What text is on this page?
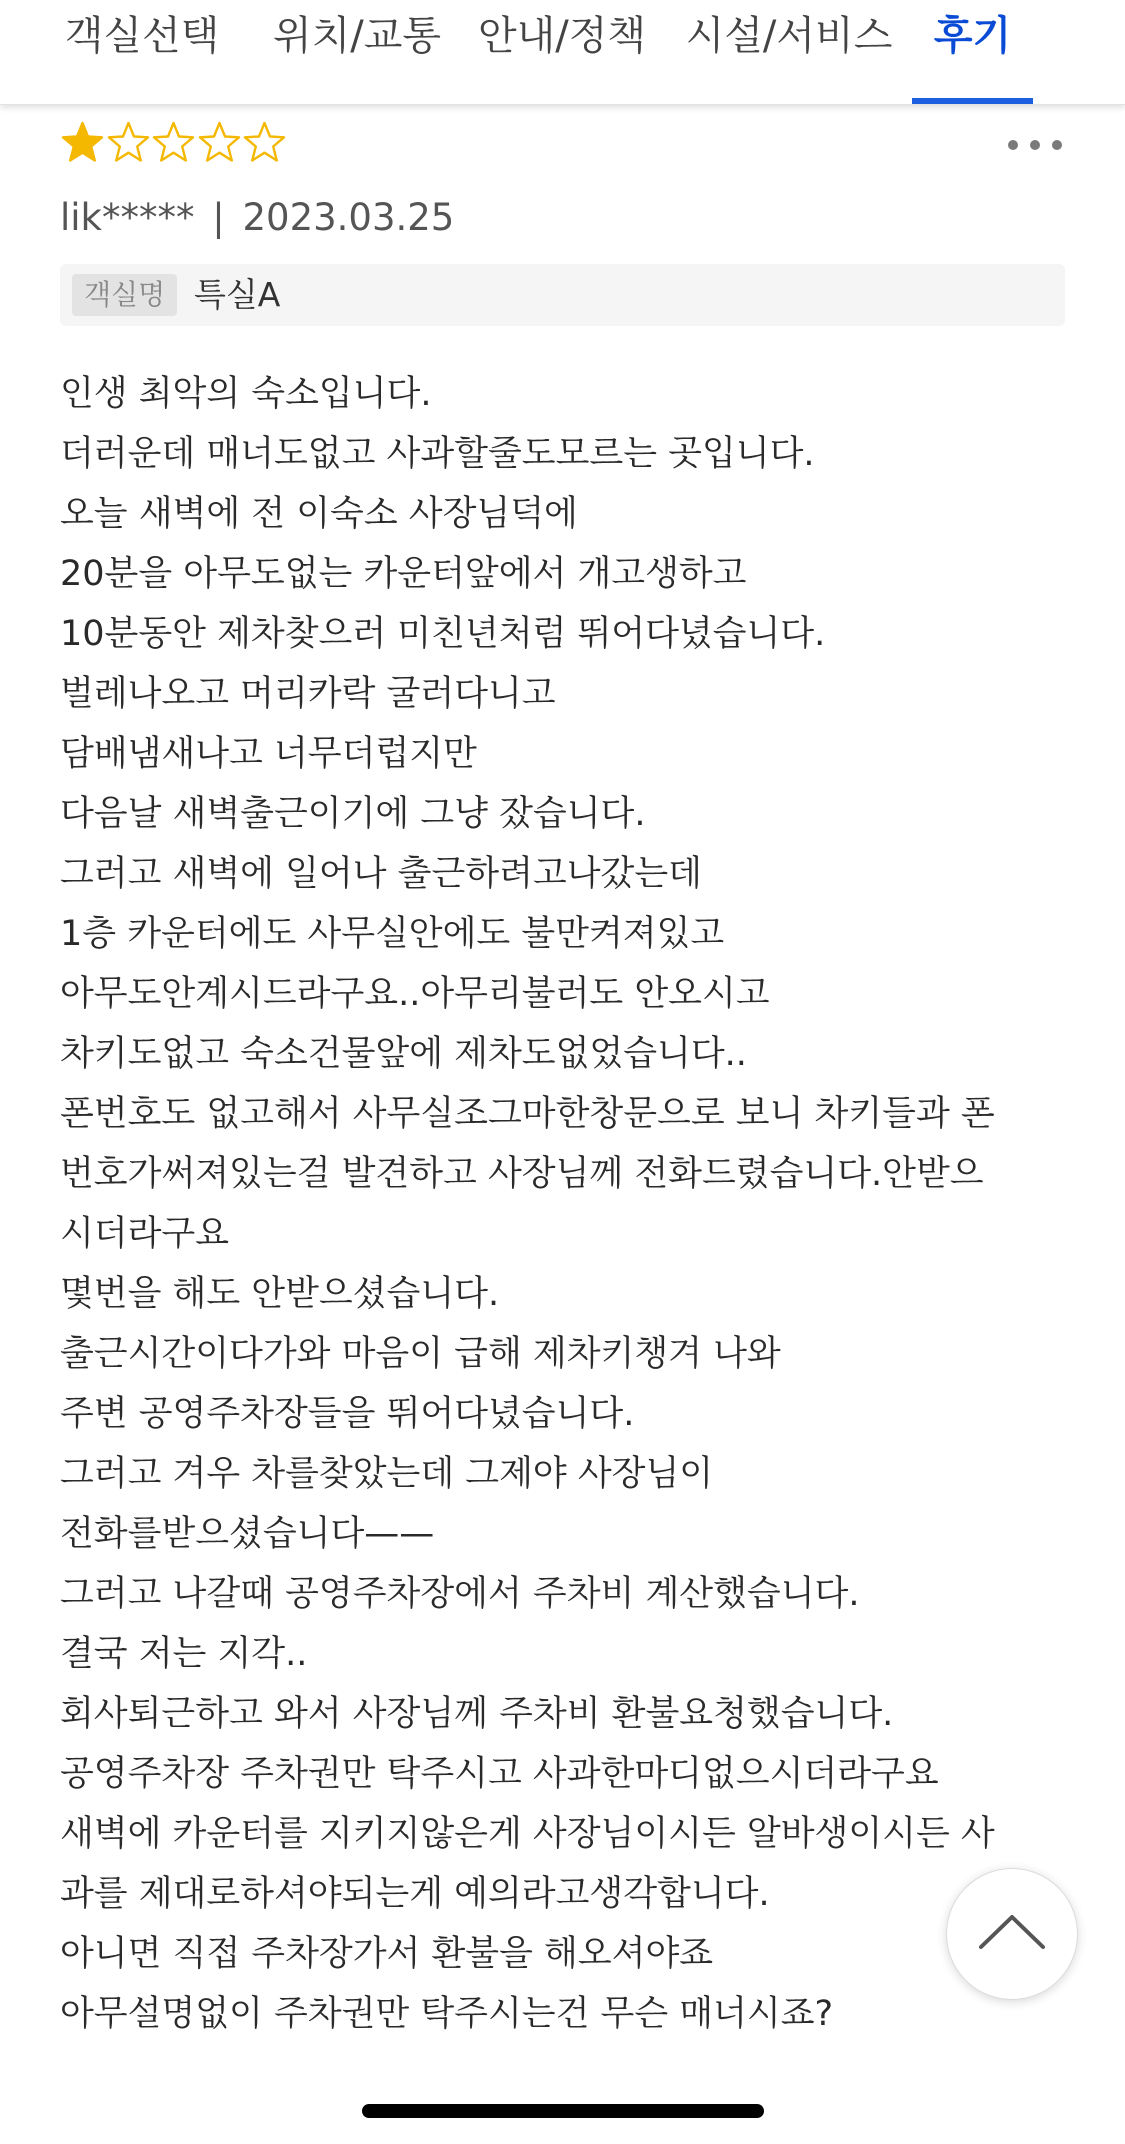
객실선택 위치/교통 안내/정책 시설/서비스	후기
lik***** | 2023.03.25
객실명 특실A
인생 최악의 숙소입니다.
더러운데 매너도없고 사과할줄도모르는 곳입니다.
오늘 새벽에 전 이숙소 사장님덕에
20분을 아무도없는 카운터앞에서 개고생하고
10분동안 제차찾으러 미친년처럼 뛰어다녔습니다.
벌레나오고 머리카락 굴러다니고
담배냄새나고 너무더럽지만
다음날 새벽출근이기에 그냥 잤습니다.
그러고 새벽에 일어나 출근하려고나갔는데
1층 카운터에도 사무실안에도 불만켜져있고
아무도안계시드라구요..아무리불러도 안오시고
차키도없고 숙소건물앞에 제차도없었습니다..
폰번호도 없고해서 사무실조그마한창문으로 보니 차키들과 폰
번호가써져있는걸 발견하고 사장님께 전화드렸습니다.안받으
시더라구요
몇번을 해도 안받으셨습니다.
출근시간이다가와 마음이 급해 제차키챙겨 나와
주변 공영주차장들을 뛰어다녔습니다.
그러고 겨우 차를찾았는데 그제야 사장님이
전화를받으셨습니다——
그러고 나갈때 공영주차장에서 주차비 계산했습니다.
결국 저는 지각..
회사퇴근하고 와서 사장님께 주차비 환불요청했습니다.
공영주차장 주차권만 탁주시고 사과한마디없으시더라구요
새벽에 카운터를 지키지않은게 사장님이시든 알바생이시든 사
과를 제대로하셔야되는게 예의라고생각합니다.
아니면 직접 주차장가서 환불을 해오셔야죠
아무설명없이 주차권만 탁주시는건 무슨 매너시죠?
